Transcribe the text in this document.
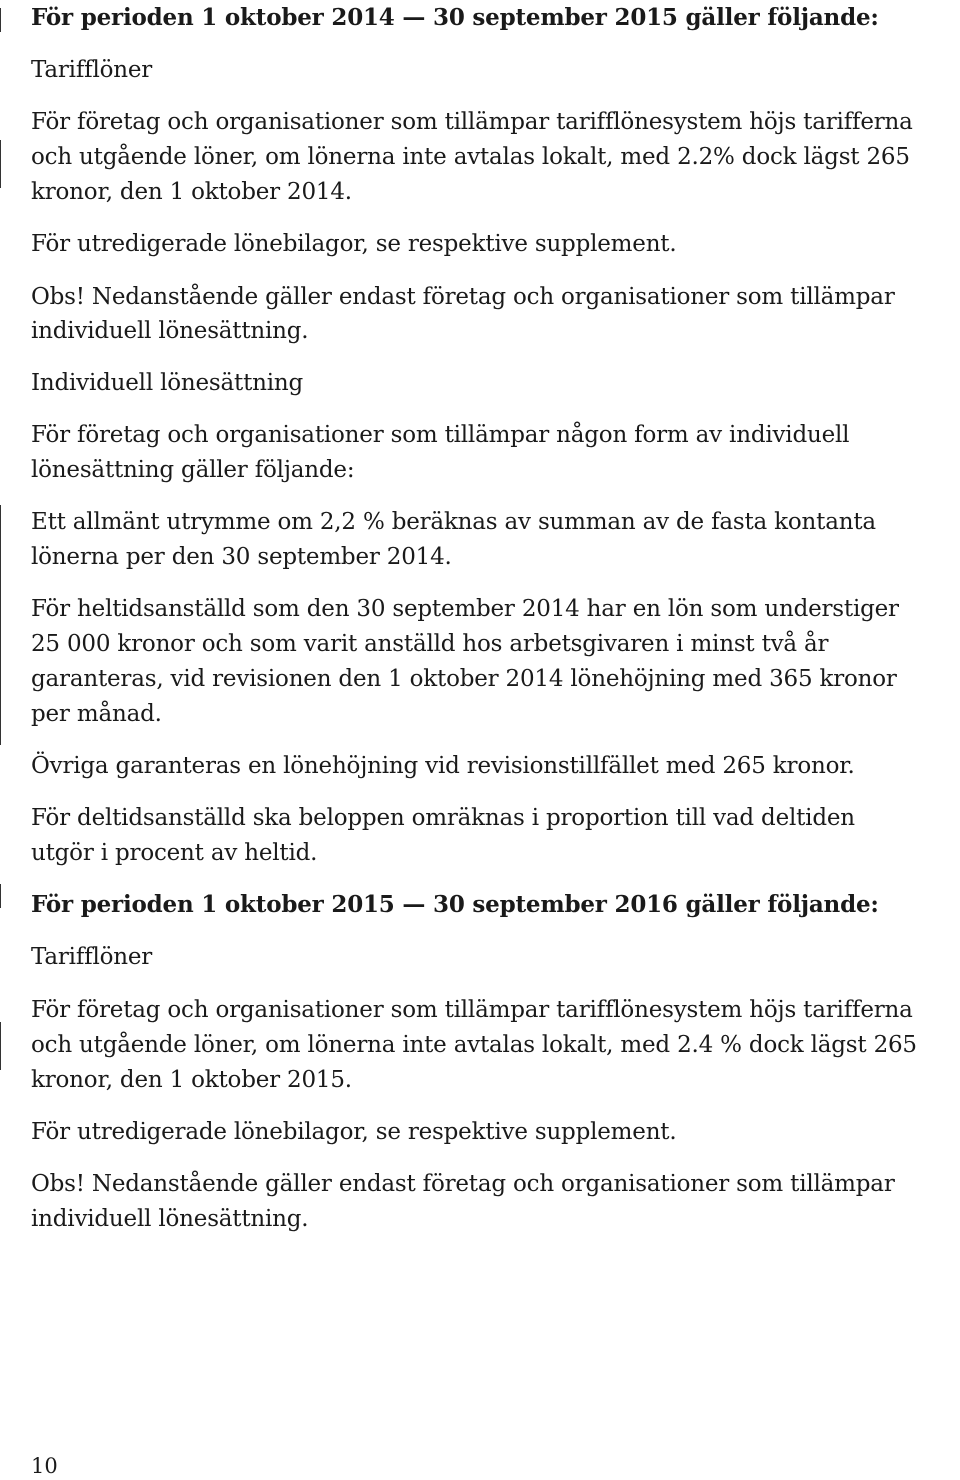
För perioden 1 oktober 2014 — 30 september 2015 gäller följande:
Tarifflöner
För företag och organisationer som tillämpar tarifflönesystem höjs tarifferna
och utgående löner, om lönerna inte avtalas lokalt, med 2.2% dock lägst 265
kronor, den 1 oktober 2014.
För utredigerade lönebilagor, se respektive supplement.
Obs! Nedanstående gäller endast företag och organisationer som tillämpar
individuell lönesättning.
Individuell lönesättning
För företag och organisationer som tillämpar någon form av individuell
lönesättning gäller följande:
Ett allmänt utrymme om 2,2 % beräknas av summan av de fasta kontanta
lönerna per den 30 september 2014.
För heltidsanställd som den 30 september 2014 har en lön som understiger
25 000 kronor och som varit anställd hos arbetsgivaren i minst två år
garanteras, vid revisionen den 1 oktober 2014 lönehöjning med 365 kronor
per månad.
Övriga garanteras en lönehöjning vid revisionstillfället med 265 kronor.
För deltidsanställd ska beloppen omräknas i proportion till vad deltiden
utgör i procent av heltid.
För perioden 1 oktober 2015 — 30 september 2016 gäller följande:
Tarifflöner
För företag och organisationer som tillämpar tarifflönesystem höjs tarifferna
och utgående löner, om lönerna inte avtalas lokalt, med 2.4 % dock lägst 265
kronor, den 1 oktober 2015.
För utredigerade lönebilagor, se respektive supplement.
Obs! Nedanstående gäller endast företag och organisationer som tillämpar
individuell lönesättning.
10
